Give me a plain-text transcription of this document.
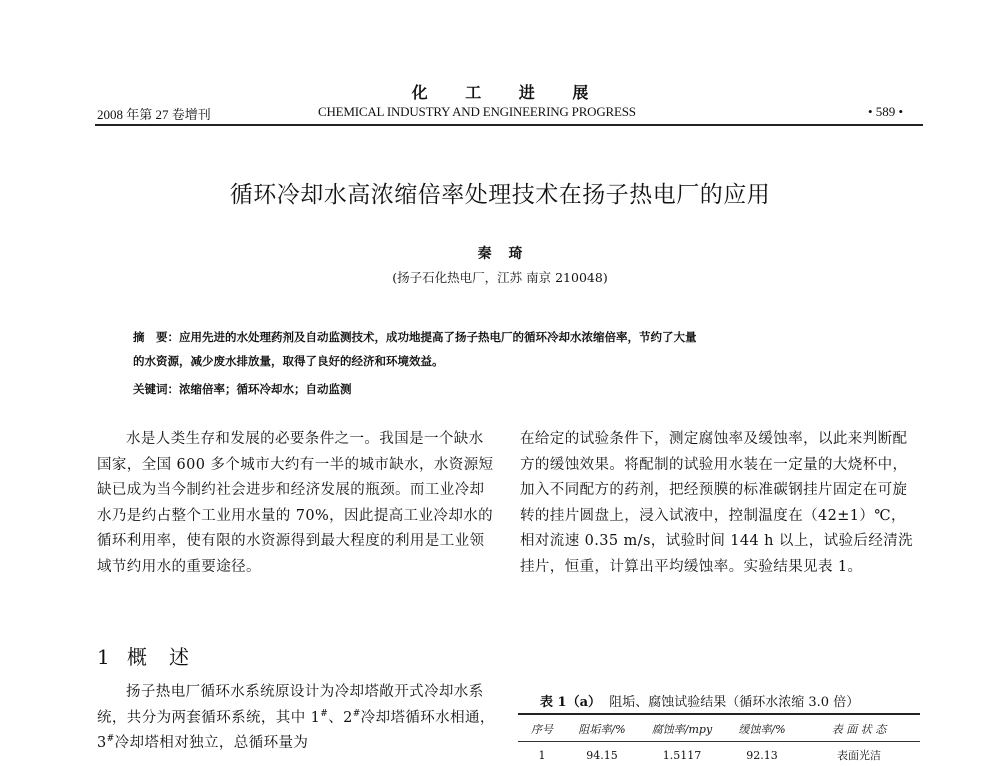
化 工 进 展
2008 年第 27 卷增刊	CHEMICAL INDUSTRY AND ENGINEERING PROGRESS	• 589 •
循环冷却水高浓缩倍率处理技术在扬子热电厂的应用
秦 琦
(扬子石化热电厂，江苏 南京 210048)
摘　要：应用先进的水处理药剂及自动监测技术，成功地提高了扬子热电厂的循环冷却水浓缩倍率，节约了大量
的水资源，减少废水排放量，取得了良好的经济和环境效益。
关键词：浓缩倍率；循环冷却水；自动监测

水是人类生存和发展的必要条件之一。我国是一个缺水国家，全国 600 多个城市大约有一半的城市缺水，水资源短缺已成为当今制约社会进步和经济发展的瓶颈。而工业冷却水乃是约占整个工业用水量的 70%，因此提高工业冷却水的循环利用率，使有限的水资源得到最大程度的利用是工业领域节约用水的重要途径。

1 概 述

扬子热电厂循环水系统原设计为冷却塔敞开式冷却水系统，共分为两套循环系统，其中 1#、2#冷却塔循环水相通，3#冷却塔相对独立，总循环量为

在给定的试验条件下，测定腐蚀率及缓蚀率，以此来判断配方的缓蚀效果。将配制的试验用水装在一定量的大烧杯中，加入不同配方的药剂，把经预膜的标准碳钢挂片固定在可旋转的挂片圆盘上，浸入试液中，控制温度在（42±1）℃，相对流速 0.35 m/s，试验时间 144 h 以上，试验后经清洗挂片，恒重，计算出平均缓蚀率。实验结果见表 1。

表 1（a） 阻垢、腐蚀试验结果（循环水浓缩 3.0 倍）
序号	阻垢率/%	腐蚀率/mpy	缓蚀率/%	表 面 状 态
1	94.15	1.5117	92.13	表面光洁
